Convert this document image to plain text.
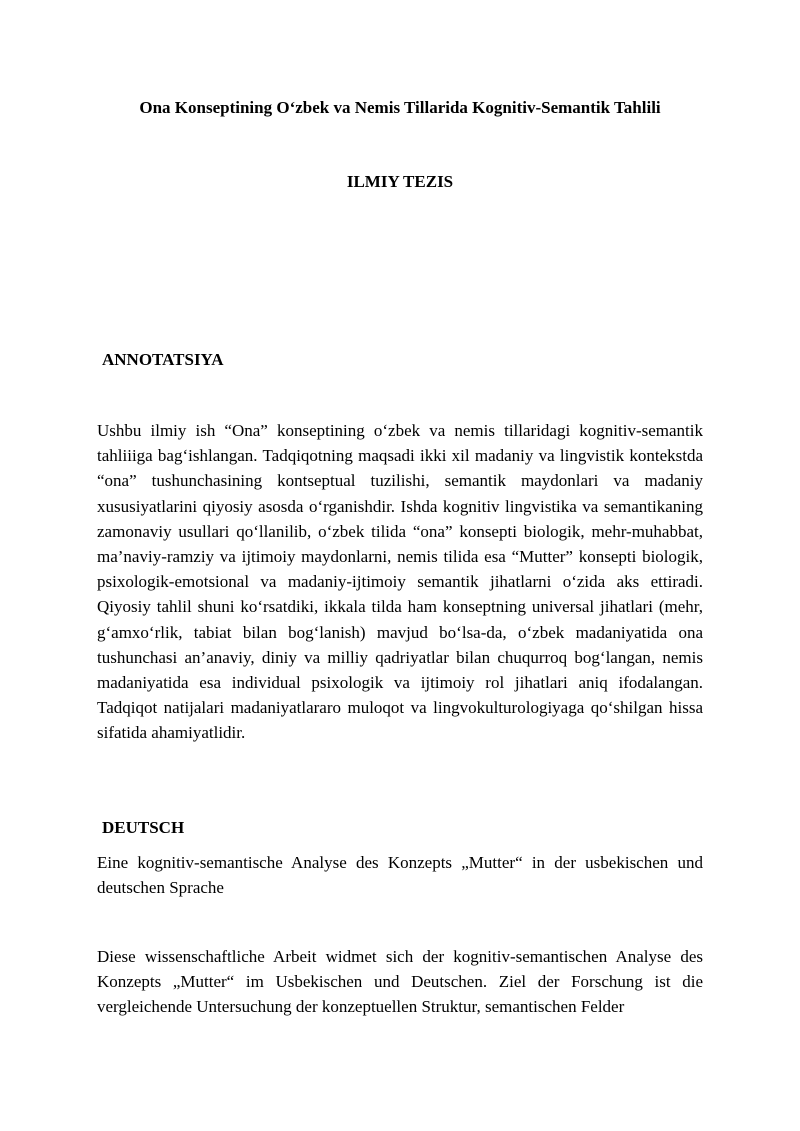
Ona Konseptining O‘zbek va Nemis Tillarida Kognitiv-Semantik Tahlili
ILMIY TEZIS
ANNOTATSIYA

Ushbu ilmiy ish “Ona” konseptining o‘zbek va nemis tillaridagi kognitiv-semantik tahliiiga bag‘ishlangan. Tadqiqotning maqsadi ikki xil madaniy va lingvistik kontekstda “ona” tushunchasining kontseptual tuzilishi, semantik maydonlari va madaniy xususiyatlarini qiyosiy asosda o‘rganishdir. Ishda kognitiv lingvistika va semantikaning zamonaviy usullari qo‘llanilib, o‘zbek tilida “ona” konsepti biologik, mehr-muhabbat, ma’naviy-ramziy va ijtimoiy maydonlarni, nemis tilida esa “Mutter” konsepti biologik, psixologik-emotsional va madaniy-ijtimoiy semantik jihatlarni o‘zida aks ettiradi. Qiyosiy tahlil shuni ko‘rsatdiki, ikkala tilda ham konseptning universal jihatlari (mehr, g‘amxo‘rlik, tabiat bilan bog‘lanish) mavjud bo‘lsa-da, o‘zbek madaniyatida ona tushunchasi an’anaviy, diniy va milliy qadriyatlar bilan chuqurroq bog‘langan, nemis madaniyatida esa individual psixologik va ijtimoiy rol jihatlari aniq ifodalangan. Tadqiqot natijalari madaniyatlararo muloqot va lingvokulturologiyaga qo‘shilgan hissa sifatida ahamiyatlidir.

DEUTSCH

Eine kognitiv-semantische Analyse des Konzepts „Mutter“ in der usbekischen und deutschen Sprache

Diese wissenschaftliche Arbeit widmet sich der kognitiv-semantischen Analyse des Konzepts „Mutter“ im Usbekischen und Deutschen. Ziel der Forschung ist die vergleichende Untersuchung der konzeptuellen Struktur, semantischen Felder
